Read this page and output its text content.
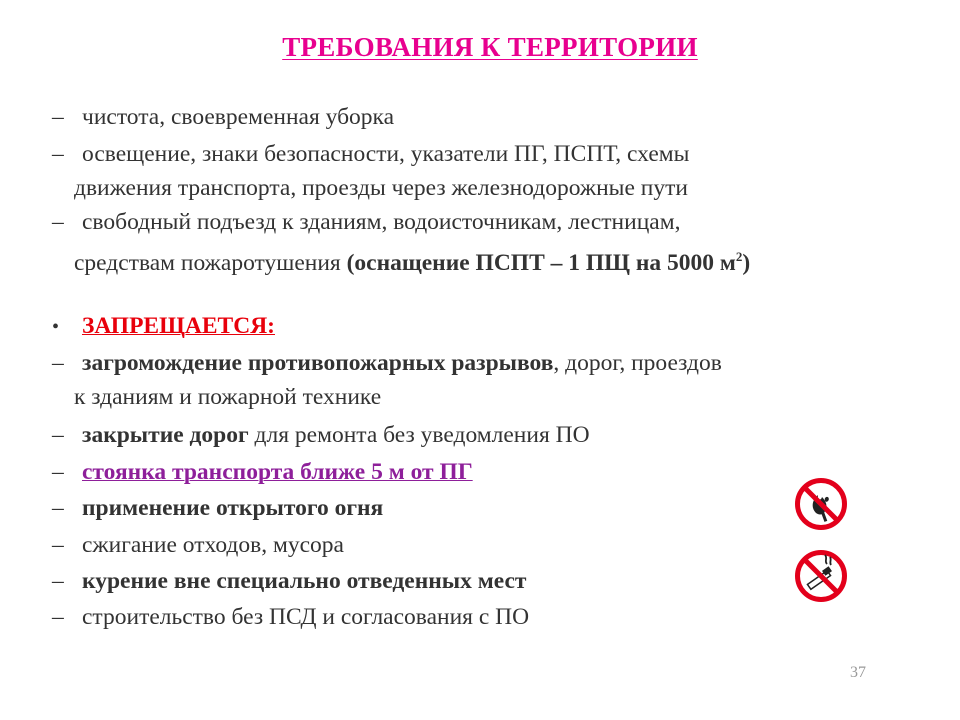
ТРЕБОВАНИЯ К ТЕРРИТОРИИ
– чистота, своевременная уборка
– освещение, знаки безопасности, указатели ПГ, ПСПТ, схемы
движения транспорта, проезды через железнодорожные пути
– свободный подъезд к зданиям, водоисточникам, лестницам,
средствам пожаротушения (оснащение ПСПТ – 1 ПЩ на 5000 $м^2$)
• ЗАПРЕЩАЕТСЯ:
– загромождение противопожарных разрывов, дорог, проездов
к зданиям и пожарной технике
– закрытие дорог для ремонта без уведомления ПО
– стоянка транспорта ближе 5 м от ПГ
– применение открытого огня
– сжигание отходов, мусора
– курение вне специально отведенных мест
– строительство без ПСД и согласования с ПО
37
